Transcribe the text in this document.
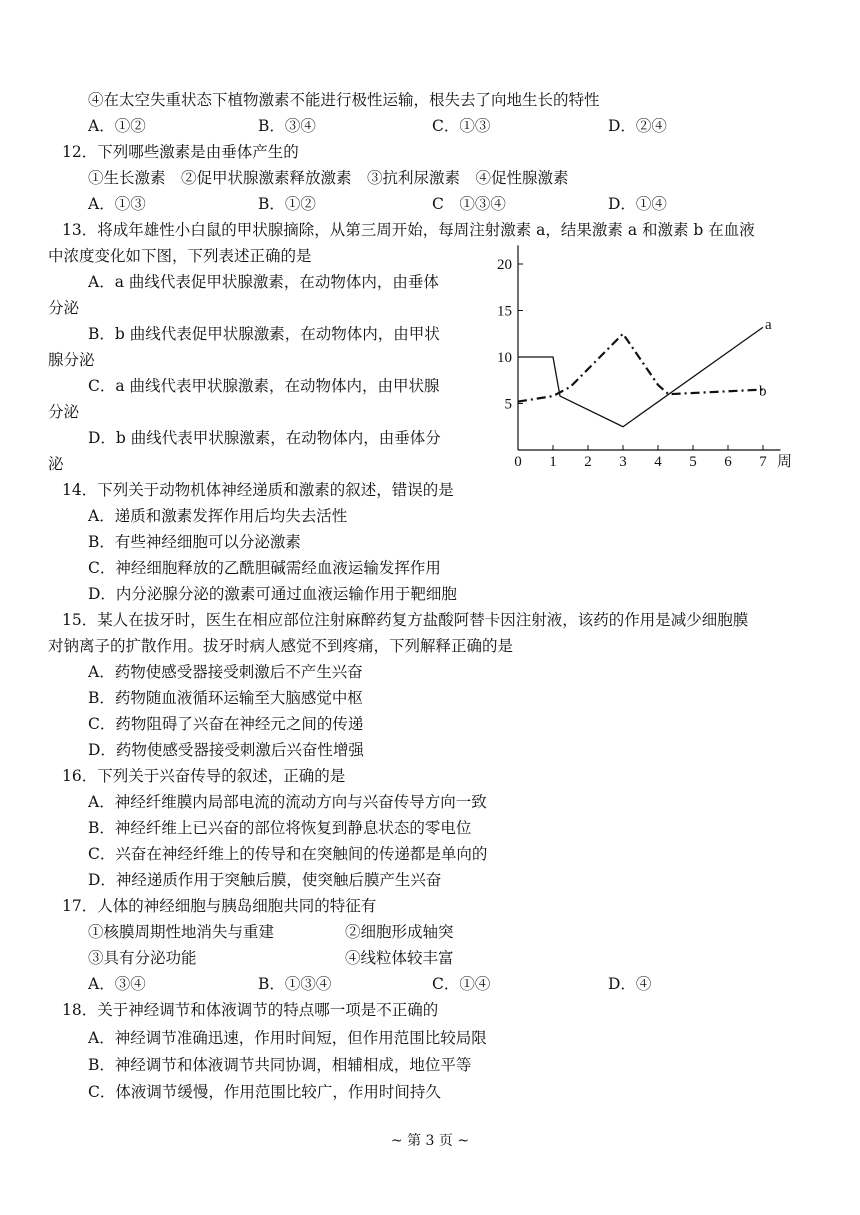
④在太空失重状态下植物激素不能进行极性运输，根失去了向地生长的特性
A．①②	B．③④	C．①③	D．②④
12．下列哪些激素是由垂体产生的
①生长激素　②促甲状腺激素释放激素　③抗利尿激素　④促性腺激素
A．①③	B．①②	C　①③④	D．①④
13．将成年雄性小白鼠的甲状腺摘除，从第三周开始，每周注射激素 a，结果激素 a 和激素 b 在血液
中浓度变化如下图，下列表述正确的是
A．a 曲线代表促甲状腺激素，在动物体内，由垂体
分泌
B．b 曲线代表促甲状腺激素，在动物体内，由甲状
腺分泌
C．a 曲线代表甲状腺激素，在动物体内，由甲状腺
分泌
D．b 曲线代表甲状腺激素，在动物体内，由垂体分
泌	0 1 2 3 4 5 6 7 周
5
10
15
20
a
b
14．下列关于动物机体神经递质和激素的叙述，错误的是
A．递质和激素发挥作用后均失去活性
B．有些神经细胞可以分泌激素
C．神经细胞释放的乙酰胆碱需经血液运输发挥作用
D．内分泌腺分泌的激素可通过血液运输作用于靶细胞
15．某人在拔牙时，医生在相应部位注射麻醉药复方盐酸阿替卡因注射液，该药的作用是减少细胞膜
对钠离子的扩散作用。拔牙时病人感觉不到疼痛，下列解释正确的是
A．药物使感受器接受刺激后不产生兴奋
B．药物随血液循环运输至大脑感觉中枢
C．药物阻碍了兴奋在神经元之间的传递
D．药物使感受器接受刺激后兴奋性增强
16．下列关于兴奋传导的叙述，正确的是
A．神经纤维膜内局部电流的流动方向与兴奋传导方向一致
B．神经纤维上已兴奋的部位将恢复到静息状态的零电位
C．兴奋在神经纤维上的传导和在突触间的传递都是单向的
D．神经递质作用于突触后膜，使突触后膜产生兴奋
17．人体的神经细胞与胰岛细胞共同的特征有
①核膜周期性地消失与重建	②细胞形成轴突
③具有分泌功能	④线粒体较丰富
A．③④	B．①③④	C．①④	D．④
18．关于神经调节和体液调节的特点哪一项是不正确的
A．神经调节准确迅速，作用时间短，但作用范围比较局限
B．神经调节和体液调节共同协调，相辅相成，地位平等
C．体液调节缓慢，作用范围比较广，作用时间持久
~ 第 3 页 ~
